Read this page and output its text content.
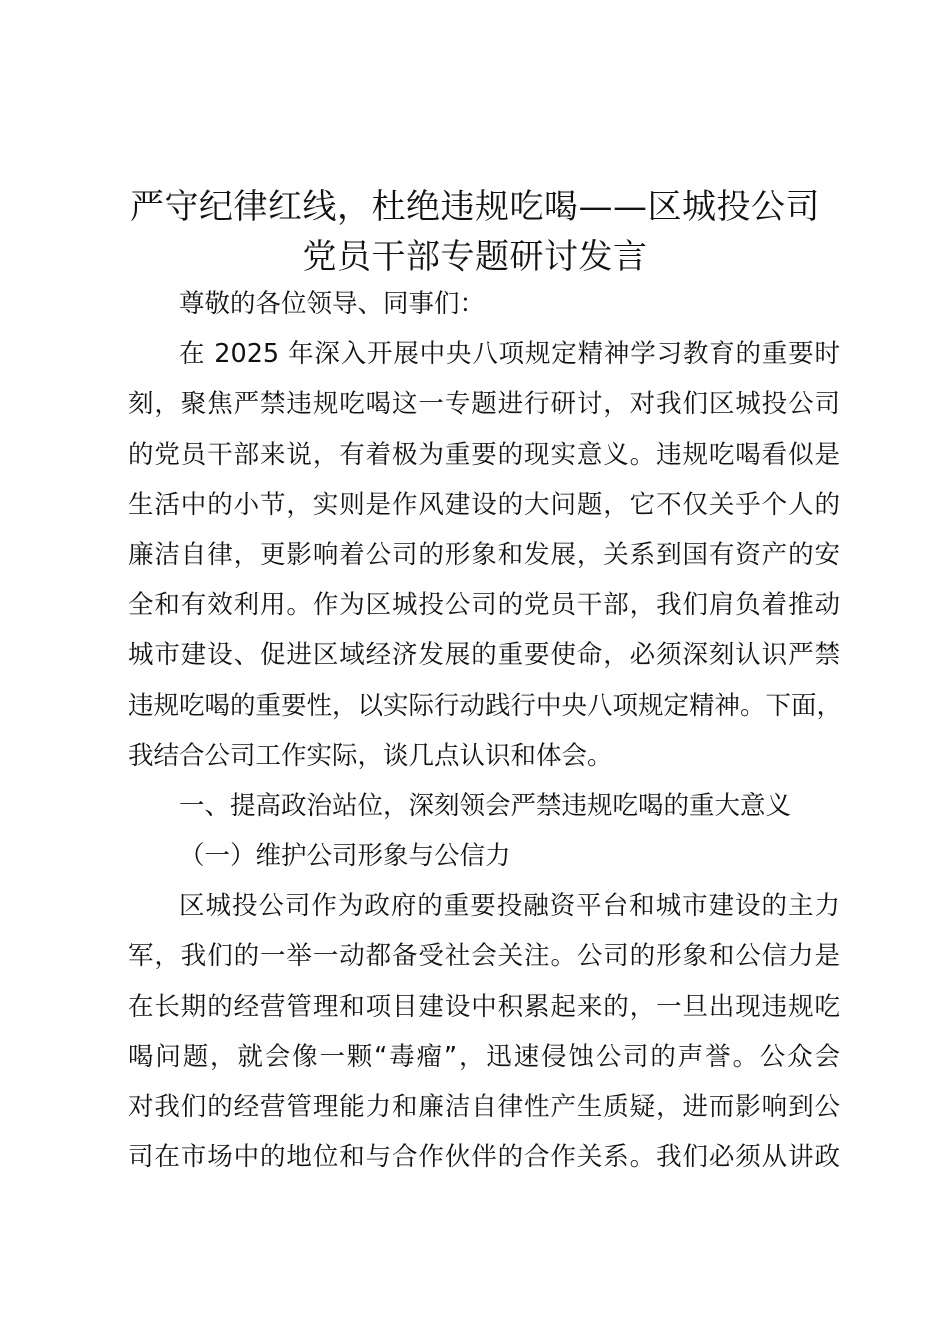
严守纪律红线，杜绝违规吃喝——区城投公司
党员干部专题研讨发言
尊敬的各位领导、同事们：
在 2025 年深入开展中央八项规定精神学习教育的重要时
刻，聚焦严禁违规吃喝这一专题进行研讨，对我们区城投公司
的党员干部来说，有着极为重要的现实意义。违规吃喝看似是
生活中的小节，实则是作风建设的大问题，它不仅关乎个人的
廉洁自律，更影响着公司的形象和发展，关系到国有资产的安
全和有效利用。作为区城投公司的党员干部，我们肩负着推动
城市建设、促进区域经济发展的重要使命，必须深刻认识严禁
违规吃喝的重要性，以实际行动践行中央八项规定精神。下面，
我结合公司工作实际，谈几点认识和体会。
一、提高政治站位，深刻领会严禁违规吃喝的重大意义
（一）维护公司形象与公信力
区城投公司作为政府的重要投融资平台和城市建设的主力
军，我们的一举一动都备受社会关注。公司的形象和公信力是
在长期的经营管理和项目建设中积累起来的，一旦出现违规吃
喝问题，就会像一颗“毒瘤”，迅速侵蚀公司的声誉。公众会
对我们的经营管理能力和廉洁自律性产生质疑，进而影响到公
司在市场中的地位和与合作伙伴的合作关系。我们必须从讲政
